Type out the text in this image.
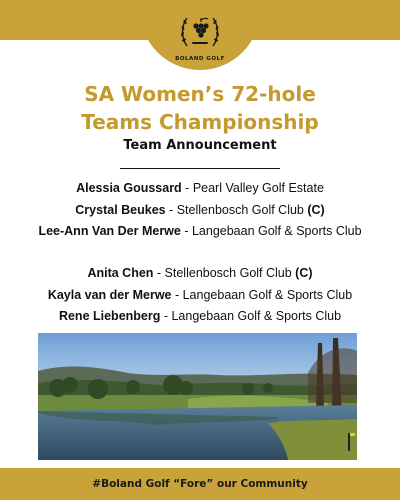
BOLAND GOLF
SA Women’s 72-hole
Teams Championship
Team Announcement
Alessia Goussard - Pearl Valley Golf Estate
Crystal Beukes - Stellenbosch Golf Club (C)
Lee-Ann Van Der Merwe - Langebaan Golf & Sports Club
Anita Chen - Stellenbosch Golf Club (C)
Kayla van der Merwe - Langebaan Golf & Sports Club
Rene Liebenberg - Langebaan Golf & Sports Club
#Boland Golf “Fore” our Community
